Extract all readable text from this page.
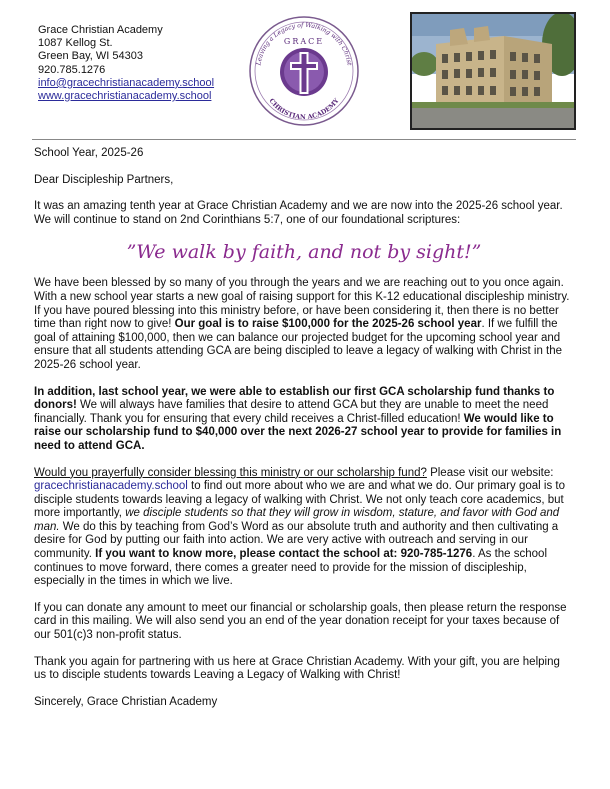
Grace Christian Academy
1087 Kellog St.
Green Bay, WI 54303
920.785.1276
info@gracechristianacademy.school
www.gracechristianacademy.school
Leaving a Legacy of Walking with Christ
GRACE
CHRISTIAN ACADEMY

School Year, 2025-26

Dear Discipleship Partners,

It was an amazing tenth year at Grace Christian Academy and we are now into the 2025-26 school year. We will continue to stand on 2nd Corinthians 5:7, one of our foundational scriptures:

”We walk by faith, and not by sight!”

We have been blessed by so many of you through the years and we are reaching out to you once again. With a new school year starts a new goal of raising support for this K-12 educational discipleship ministry. If you have poured blessing into this ministry before, or have been considering it, then there is no better time than right now to give! Our goal is to raise $100,000 for the 2025-26 school year. If we fulfill the goal of attaining $100,000, then we can balance our projected budget for the upcoming school year and ensure that all students attending GCA are being discipled to leave a legacy of walking with Christ in the 2025-26 school year.

In addition, last school year, we were able to establish our first GCA scholarship fund thanks to donors! We will always have families that desire to attend GCA but they are unable to meet the need financially. Thank you for ensuring that every child receives a Christ-filled education! We would like to raise our scholarship fund to $40,000 over the next 2026-27 school year to provide for families in need to attend GCA.

Would you prayerfully consider blessing this ministry or our scholarship fund? Please visit our website: gracechristianacademy.school to find out more about who we are and what we do. Our primary goal is to disciple students towards leaving a legacy of walking with Christ. We not only teach core academics, but more importantly, we disciple students so that they will grow in wisdom, stature, and favor with God and man. We do this by teaching from God’s Word as our absolute truth and authority and then cultivating a desire for God by putting our faith into action. We are very active with outreach and serving in our community. If you want to know more, please contact the school at: 920-785-1276. As the school continues to move forward, there comes a greater need to provide for the mission of discipleship, especially in the times in which we live.

If you can donate any amount to meet our financial or scholarship goals, then please return the response card in this mailing. We will also send you an end of the year donation receipt for your taxes because of our 501(c)3 non-profit status.

Thank you again for partnering with us here at Grace Christian Academy. With your gift, you are helping us to disciple students towards Leaving a Legacy of Walking with Christ!

Sincerely, Grace Christian Academy
